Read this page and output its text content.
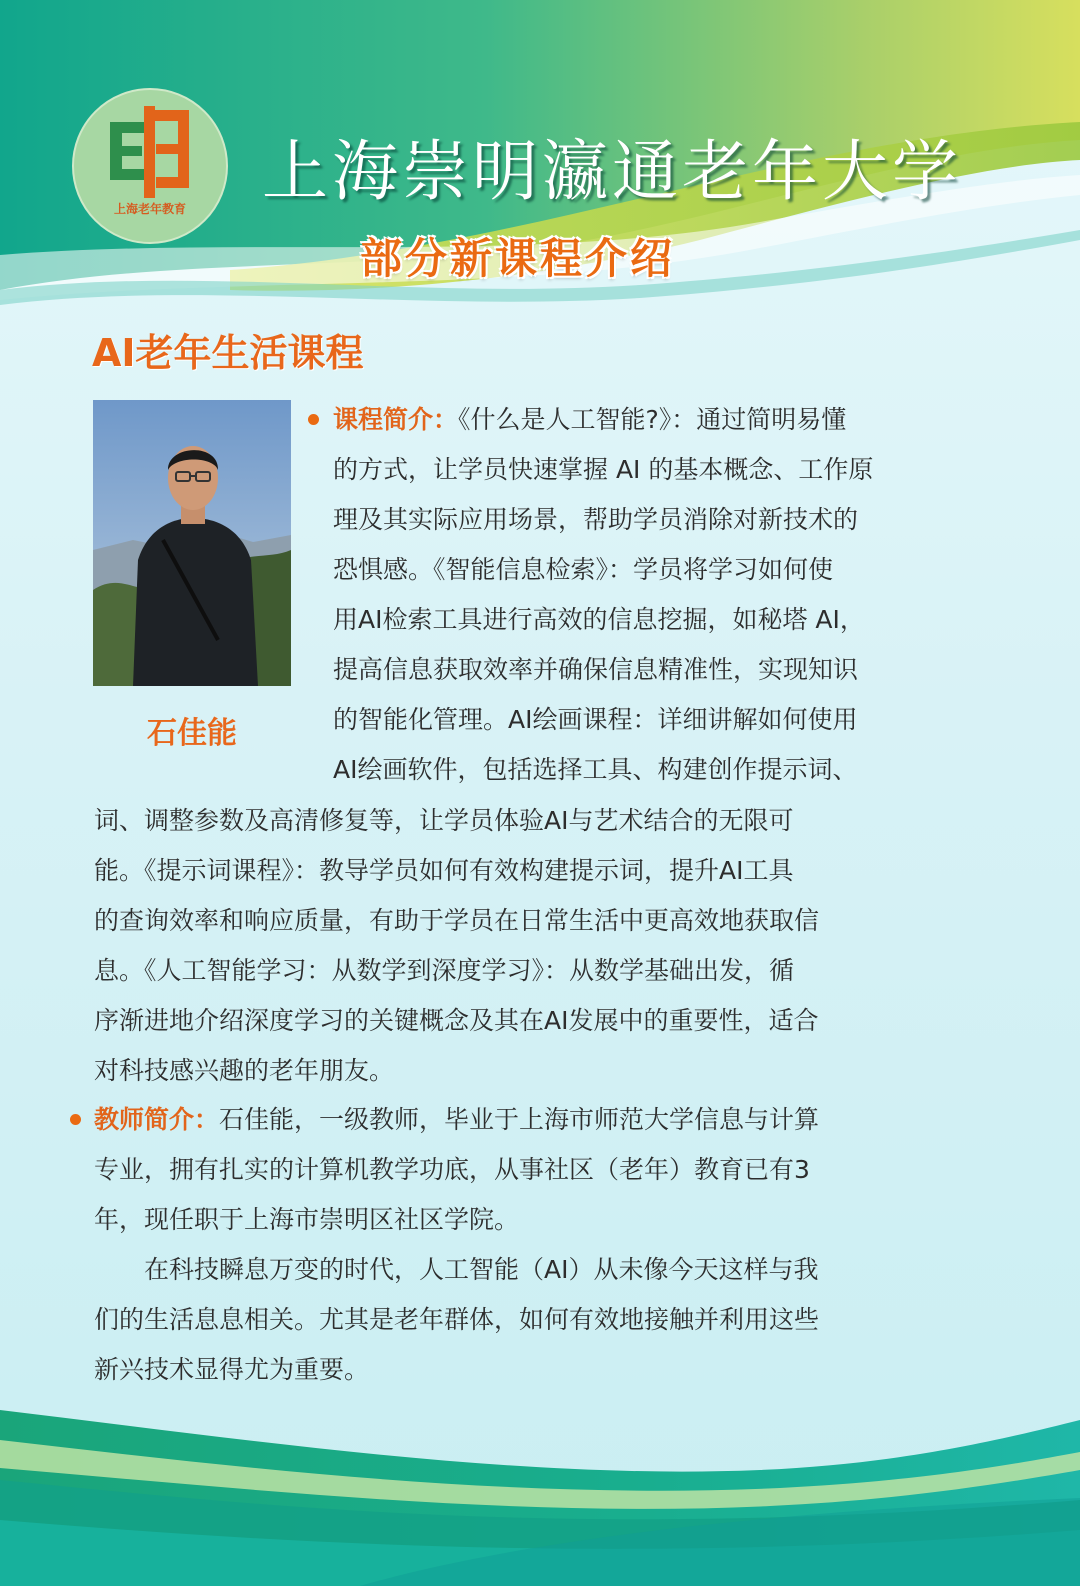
上海老年教育	上海崇明瀛通老年大学
部分新课程介绍
AI老年生活课程
石佳能
课程简介：《什么是人工智能?》：通过简明易懂
的方式，让学员快速掌握 AI 的基本概念、工作原
理及其实际应用场景，帮助学员消除对新技术的
恐惧感。《智能信息检索》：学员将学习如何使
用AI检索工具进行高效的信息挖掘，如秘塔 AI，
提高信息获取效率并确保信息精准性，实现知识
的智能化管理。AI绘画课程：详细讲解如何使用
AI绘画软件，包括选择工具、构建创作提示词、
词、调整参数及高清修复等，让学员体验AI与艺术结合的无限可
能。《提示词课程》：教导学员如何有效构建提示词，提升AI工具
的查询效率和响应质量，有助于学员在日常生活中更高效地获取信
息。《人工智能学习：从数学到深度学习》：从数学基础出发，循
序渐进地介绍深度学习的关键概念及其在AI发展中的重要性，适合
对科技感兴趣的老年朋友。
教师简介：石佳能，一级教师，毕业于上海市师范大学信息与计算
专业，拥有扎实的计算机教学功底，从事社区（老年）教育已有3
年，现任职于上海市崇明区社区学院。
　　在科技瞬息万变的时代，人工智能（AI）从未像今天这样与我
们的生活息息相关。尤其是老年群体，如何有效地接触并利用这些
新兴技术显得尤为重要。
